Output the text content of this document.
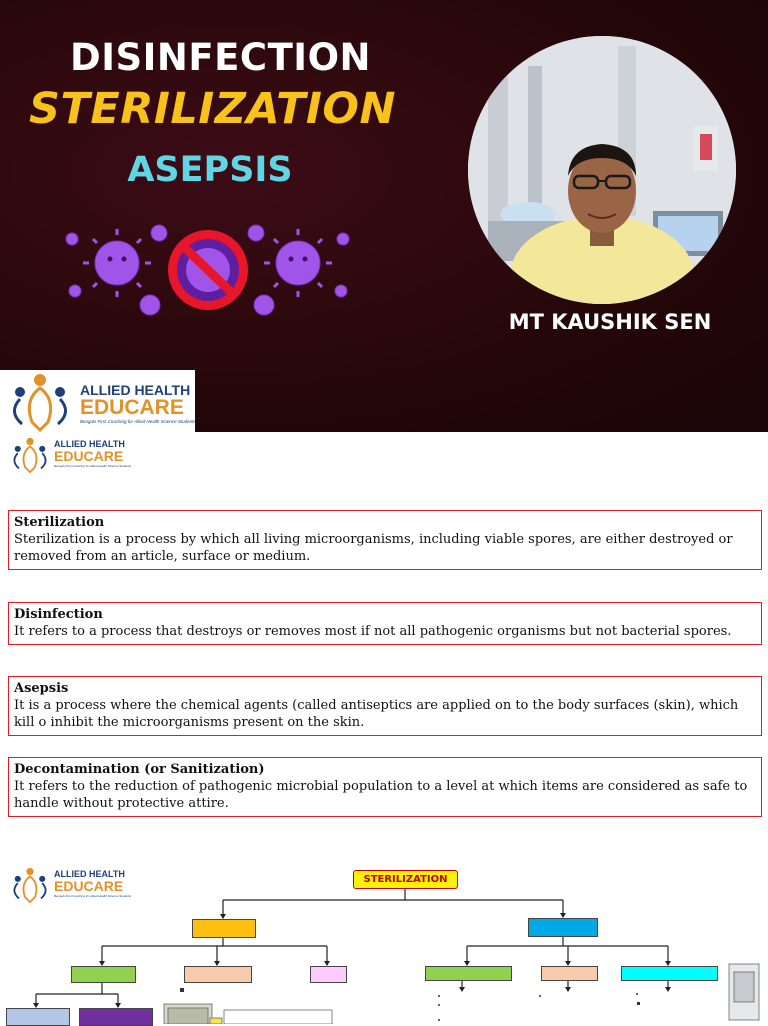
DISINFECTION
STERILIZATION
ASEPSIS
MT KAUSHIK SEN
ALLIED HEALTH
EDUCARE
Bengals First Coaching for Allied Health Science Students
ALLIED HEALTH
EDUCARE
Bengals First Coaching for Allied Health Science Students
Sterilization
Sterilization is a process by which all living microorganisms, including viable spores, are either destroyed or removed from an article, surface or medium.
Disinfection
It refers to a process that destroys or removes most if not all pathogenic organisms but not bacterial spores.
Asepsis
It is a process where the chemical agents (called antiseptics are applied on to the body surfaces (skin), which kill o inhibit the microorganisms present on the skin.
Decontamination (or Sanitization)
It refers to the reduction of pathogenic microbial population to a level at which items are considered as safe to handle without protective attire.
ALLIED HEALTH
EDUCARE
Bengals First Coaching for Allied Health Science Students
STERILIZATION
